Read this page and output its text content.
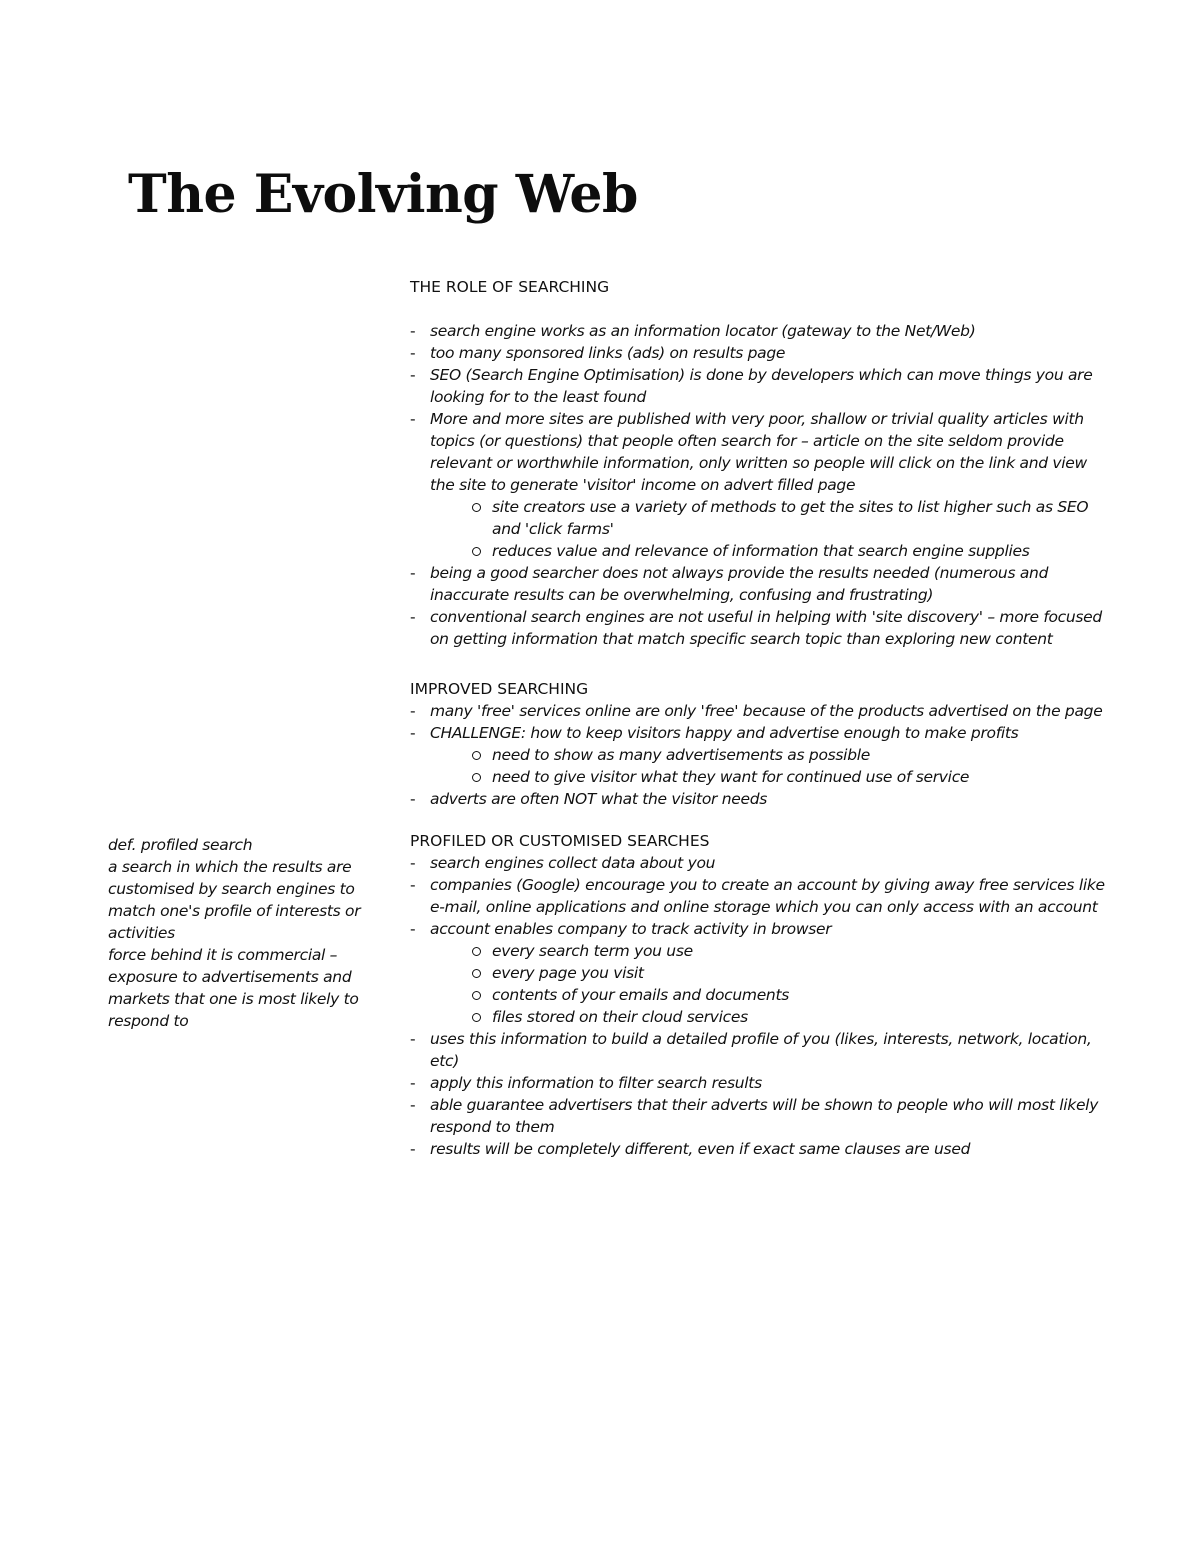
The Evolving Web

def. profiled search

a search in which the results are

customised by search engines to

match one's profile of interests or

activities

force behind it is commercial –

exposure to advertisements and

markets that one is most likely to

respond to

THE ROLE OF SEARCHING

- search engine works as an information locator (gateway to the Net/Web)
- too many sponsored links (ads) on results page
- SEO (Search Engine Optimisation) is done by developers which can move things you are looking for to the least found
- More and more sites are published with very poor, shallow or trivial quality articles with topics (or questions) that people often search for – article on the site seldom provide relevant or worthwhile information, only written so people will click on the link and view the site to generate 'visitor' income on advert filled page
site creators use a variety of methods to get the sites to list higher such as SEO and 'click farms'
reduces value and relevance of information that search engine supplies
- being a good searcher does not always provide the results needed (numerous and inaccurate results can be overwhelming, confusing and frustrating)
- conventional search engines are not useful in helping with 'site discovery' – more focused on getting information that match specific search topic than exploring new content

IMPROVED SEARCHING

- many 'free' services online are only 'free' because of the products advertised on the page
- CHALLENGE: how to keep visitors happy and advertise enough to make profits
need to show as many advertisements as possible
need to give visitor what they want for continued use of service
- adverts are often NOT what the visitor needs

PROFILED OR CUSTOMISED SEARCHES

- search engines collect data about you
- companies (Google) encourage you to create an account by giving away free services like e-mail, online applications and online storage which you can only access with an account
- account enables company to track activity in browser
every search term you use
every page you visit
contents of your emails and documents
files stored on their cloud services
- uses this information to build a detailed profile of you (likes, interests, network, location, etc)
- apply this information to filter search results
- able guarantee advertisers that their adverts will be shown to people who will most likely respond to them
- results will be completely different, even if exact same clauses are used
